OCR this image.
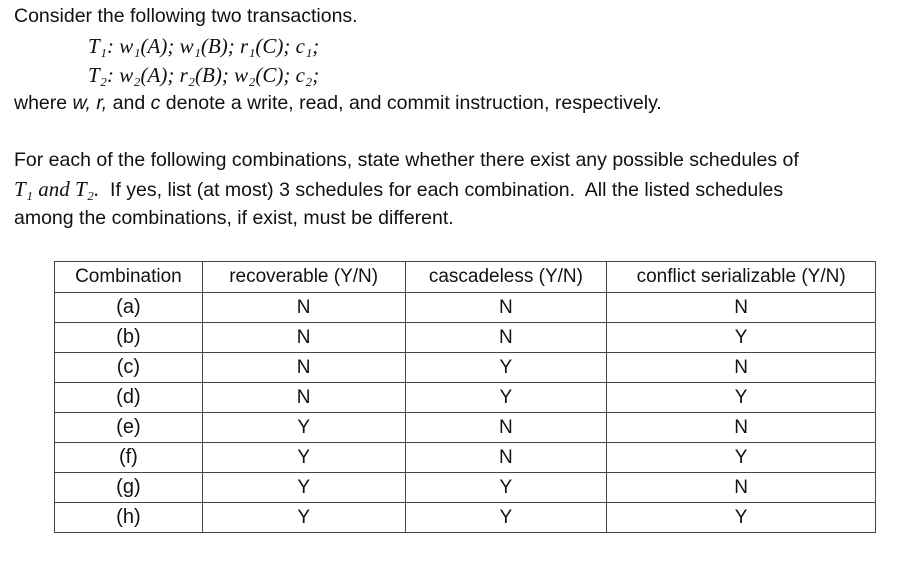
Consider the following two transactions.
T₁: w₁(A); w₁(B); r₁(C); c₁;
T₂: w₂(A); r₂(B); w₂(C); c₂;
where w, r, and c denote a write, read, and commit instruction, respectively.
For each of the following combinations, state whether there exist any possible schedules of
T₁ and T₂.  If yes, list (at most) 3 schedules for each combination.  All the listed schedules
among the combinations, if exist, must be different.
Combination	recoverable (Y/N)	cascadeless (Y/N)	conflict serializable (Y/N)
(a)	N	N	N
(b)	N	N	Y
(c)	N	Y	N
(d)	N	Y	Y
(e)	Y	N	N
(f)	Y	N	Y
(g)	Y	Y	N
(h)	Y	Y	Y
